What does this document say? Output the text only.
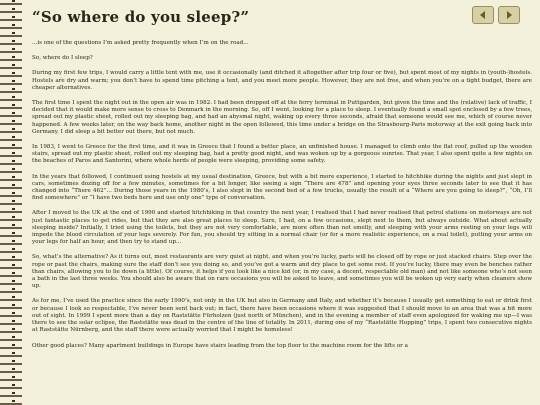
“So where do you sleep?”

...is one of the questions I’m asked pretty frequently when I’m on the road...

So, where do I sleep?

During my first few trips, I would carry a little tent with me, use it occasionally (and ditched it altogether after trip four or five), but spent most of my nights in (youth-)hostels. Hostels are dry and warm; you don’t have to spend time pitching a tent, and you meet more people. However, they are not free, and when you’re on a tight budget, there are cheaper alternatives.

The first time I spent the night out in the open air was in 1982. I had been dropped off at the ferry terminal in Puttgarden, but given the time and the (relative) lack of traffic, I decided that it would make more sense to cross to Denmark in the morning. So, off I went, looking for a place to sleep. I eventually found a small spot enclosed by a few trees, spread out my plastic sheet, rolled out my sleeping bag, and had an abysmal night, waking up every three seconds, afraid that someone would see me, which of course never happened. A few weeks later, on the way back home, another night in the open followed, this time under a bridge on the Strasbourg-Paris motorway at the exit going back into Germany. I did sleep a bit better out there, but not much.

In 1983, I went to Greece for the first time, and it was in Greece that I found a better place, an unfinished house. I managed to climb onto the flat roof, pulled up the wooden stairs, spread out my plastic sheet, rolled out my sleeping bag, had a pretty good night, and was woken up by a gorgeous sunrise. That year, I also spent quite a few nights on the beaches of Paros and Santorini, where whole herds of people were sleeping, providing some safety.

In the years that followed, I continued using hostels at my usual destination, Greece, but with a bit more experience, I started to hitchhike during the nights and just slept in cars, sometimes dozing off for a few minutes, sometimes for a bit longer, like seeing a sign “There are 478” and opening your eyes three seconds later to see that it has changed into “There 462”... During those years in the 1980’s, I also slept in the second bed of a few trucks, usually the result of a “Where are you going to sleep?”, “Oh, I’ll find somewhere” or “I have two beds here and use only one” type of conversation.

After I moved to the UK at the end of 1990 and started hitchhiking in that country the next year, I realised that I had never realised that petrol stations on motorways are not just fantastic places to get rides, but that they are also great places to sleep. Sure, I had, on a few occasions, slept next to them, but always outside. What about actually sleeping inside? Initially, I tried using the toilets, but they are not very comfortable, are more often than not smelly, and sleeping with your arms resting on your legs will impede the blood circulation of your legs severely. For fun, you should try sitting in a normal chair (or for a more realistic experience, on a real toilet), putting your arms on your legs for half an hour, and then try to stand up...

So, what’s the alternative? As it turns out, most restaurants are very quiet at night, and when you’re lucky, parts will be closed off by rope or just stacked chairs. Step over the rope or past the chairs, making sure the staff don’t see you doing so, and you’ve got a warm and dry place to get some rest. If you’re lucky, there may even be benches rather than chairs, allowing you to lie down (a little). Of course, it helps if you look like a nice kid (or, in my case, a decent, respectable old man) and not like someone who’s not seen a bath in the last three weeks. You should also be aware that on rare occasions you will be asked to leave, and sometimes you will be woken up very early when cleaners show up.

As for me, I’ve used the practice since the early 1990’s, not only in the UK but also in Germany and Italy, and whether it’s because I usually get something to eat or drink first or because I look so respectable, I’ve never been sent back out; in fact, there have been occasions where it was suggested that I should move to an area that was a bit more out of sight. In 1999 I spent more than a day on Raststätte Fürholzen (just north of München), and in the evening a member of staff even apologized for waking me up—I was there to see the solar eclipse, the Raststätte was dead in the centre of the line of totality. In 2011, during one of my “Raststätte Hopping” trips, I spent two consecutive nights at Raststätte Nürnberg, and the staff there were actually worried that I might be homeless!

Other good places? Many apartment buildings in Europe have stairs leading from the top floor to the machine room for the lifts or a
